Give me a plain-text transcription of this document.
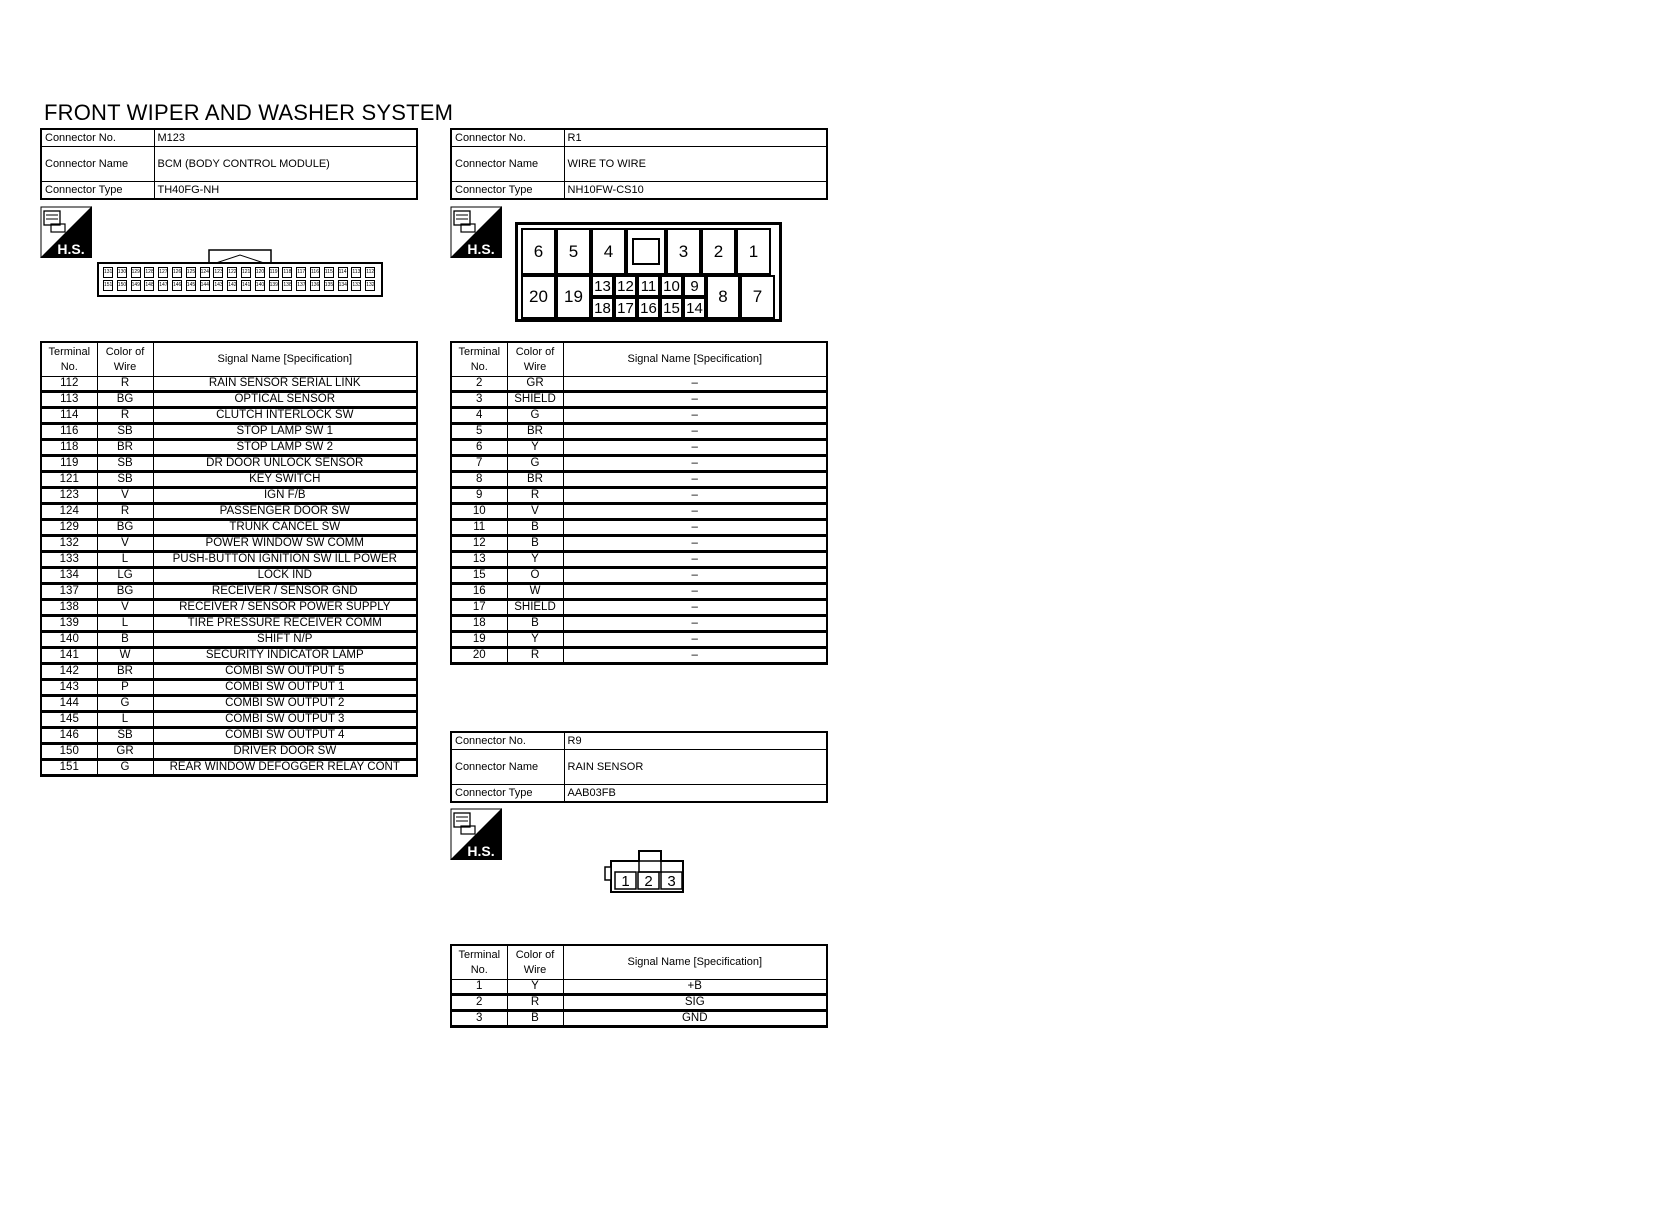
FRONT WIPER AND WASHER SYSTEM
Connector No.	M123
Connector Name	BCM (BODY CONTROL MODULE)
Connector Type	TH40FG-NH
Connector No.	R1
Connector Name	WIRE TO WIRE
Connector Type	NH10FW-CS10
H.S.	H.S.
H.S.
131 130 129 128 127 126 125 124 123 122 121 120 119 118 117 116 115 114 113 112
151 150 149 148 147 146 145 144 143 142 141 140 139 138 137 136 135 134 133 132
6	5	4	3	2	1
20 19
13 12 11 10 9
18 17 16 15 14
8	7
1 2 3
Terminal No.	Color of Wire	Signal Name [Specification]
112	R	RAIN SENSOR SERIAL LINK
113	BG	OPTICAL SENSOR
114	R	CLUTCH INTERLOCK SW
116	SB	STOP LAMP SW 1
118	BR	STOP LAMP SW 2
119	SB	DR DOOR UNLOCK SENSOR
121	SB	KEY SWITCH
123	V	IGN F/B
124	R	PASSENGER DOOR SW
129	BG	TRUNK CANCEL SW
132	V	POWER WINDOW SW COMM
133	L	PUSH-BUTTON IGNITION SW ILL POWER
134	LG	LOCK IND
137	BG	RECEIVER / SENSOR GND
138	V	RECEIVER / SENSOR POWER SUPPLY
139	L	TIRE PRESSURE RECEIVER COMM
140	B	SHIFT N/P
141	W	SECURITY INDICATOR LAMP
142	BR	COMBI SW OUTPUT 5
143	P	COMBI SW OUTPUT 1
144	G	COMBI SW OUTPUT 2
145	L	COMBI SW OUTPUT 3
146	SB	COMBI SW OUTPUT 4
150	GR	DRIVER DOOR SW
151	G	REAR WINDOW DEFOGGER RELAY CONT
Terminal No.	Color of Wire	Signal Name [Specification]
2	GR	–
3	SHIELD	–
4	G	–
5	BR	–
6	Y	–
7	G	–
8	BR	–
9	R	–
10	V	–
11	B	–
12	B	–
13	Y	–
15	O	–
16	W	–
17	SHIELD	–
18	B	–
19	Y	–
20	R	–
Connector No.	R9
Connector Name	RAIN SENSOR
Connector Type	AAB03FB
Terminal No.	Color of Wire	Signal Name [Specification]
1	Y	+B
2	R	SIG
3	B	GND
